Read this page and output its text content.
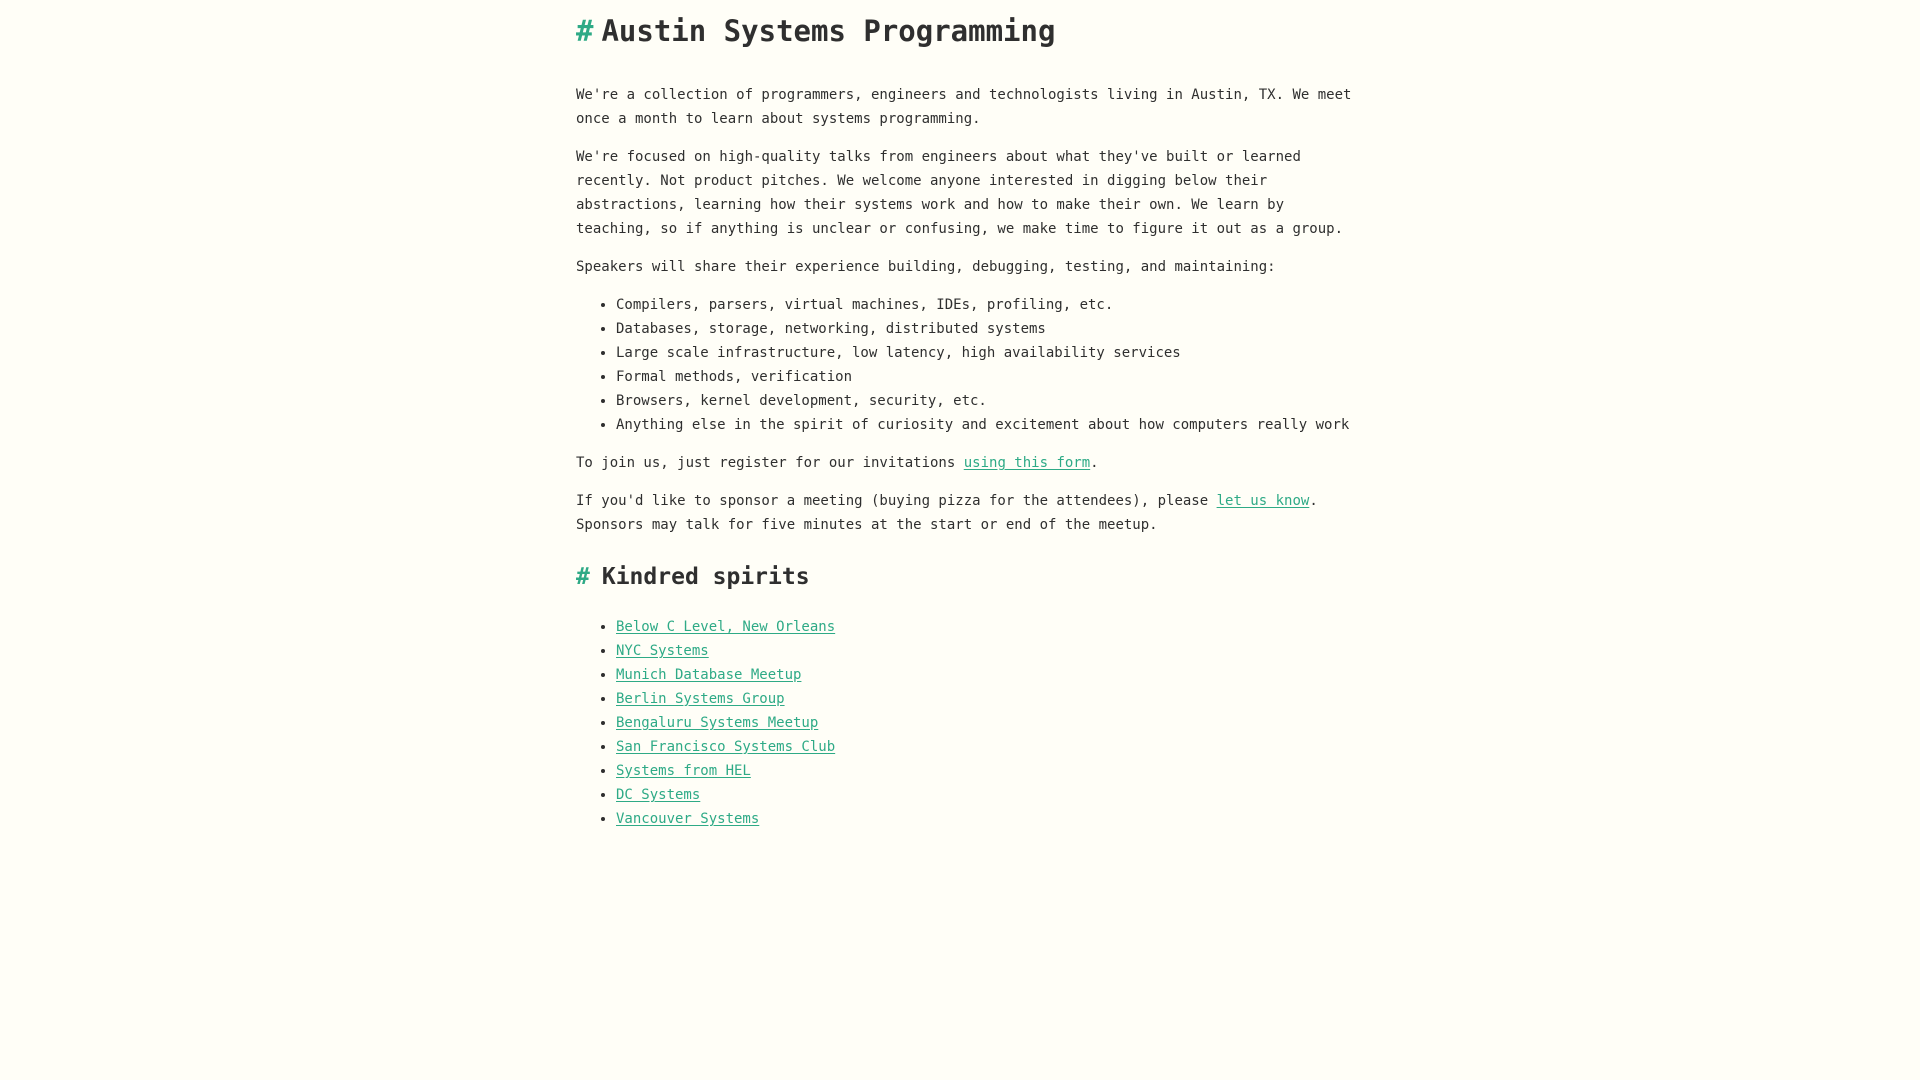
# Austin Systems Programming

We're a collection of programmers, engineers and technologists living in Austin, TX. We meet once a month to learn about systems programming.

We're focused on high-quality talks from engineers about what they've built or learned recently. Not product pitches. We welcome anyone interested in digging below their abstractions, learning how their systems work and how to make their own. We learn by teaching, so if anything is unclear or confusing, we make time to figure it out as a group.

Speakers will share their experience building, debugging, testing, and maintaining:

• Compilers, parsers, virtual machines, IDEs, profiling, etc.
• Databases, storage, networking, distributed systems
• Large scale infrastructure, low latency, high availability services
• Formal methods, verification
• Browsers, kernel development, security, etc.
• Anything else in the spirit of curiosity and excitement about how computers really work

To join us, just register for our invitations using this form.

If you'd like to sponsor a meeting (buying pizza for the attendees), please let us know. Sponsors may talk for five minutes at the start or end of the meetup.

# Kindred spirits
• Below C Level, New Orleans
• NYC Systems
• Munich Database Meetup
• Berlin Systems Group
• Bengaluru Systems Meetup
• San Francisco Systems Club
• Systems from HEL
• DC Systems
• Vancouver Systems
